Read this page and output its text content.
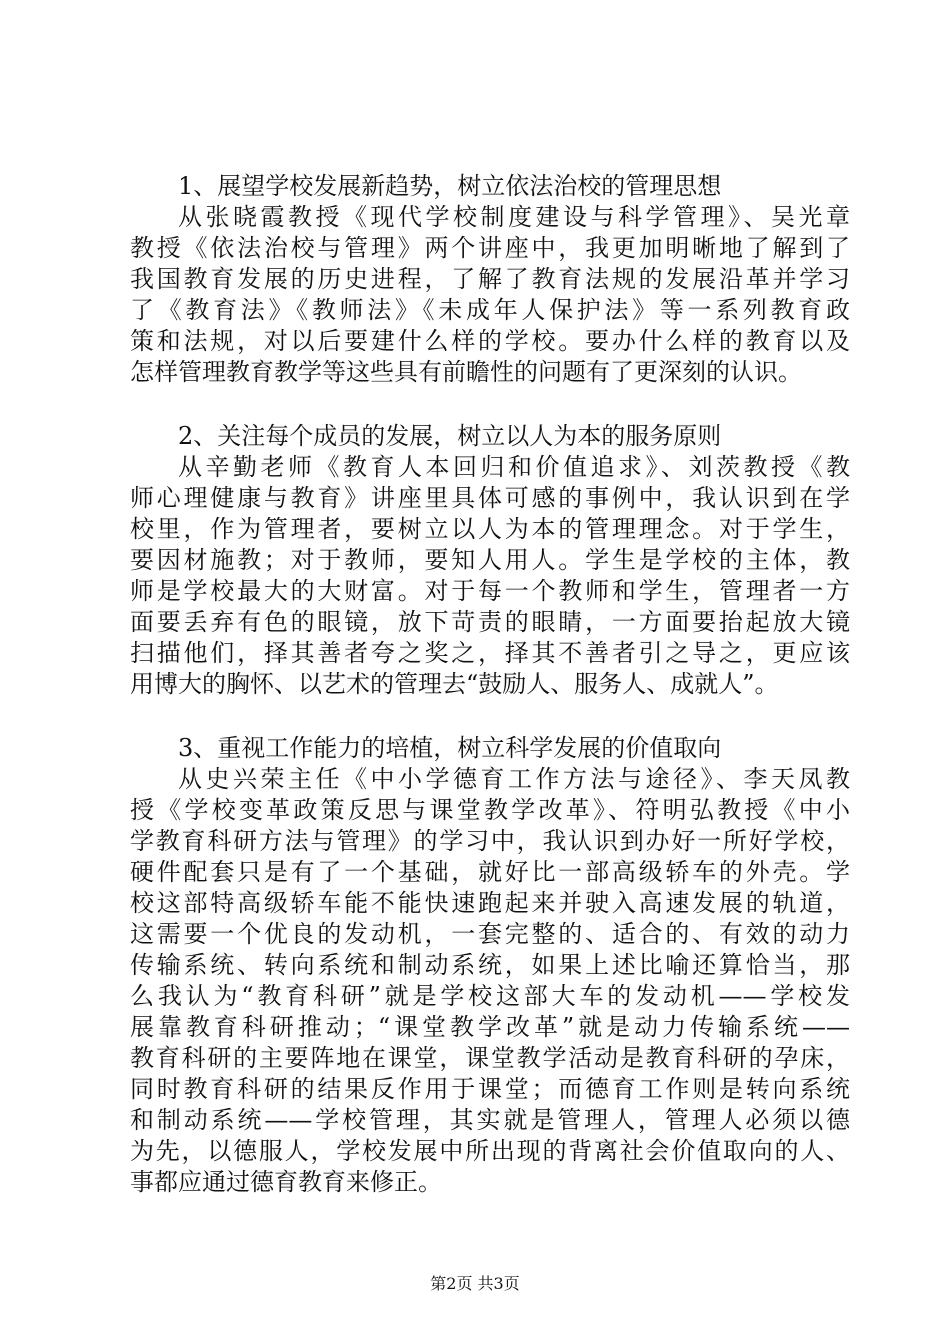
1、展望学校发展新趋势，树立依法治校的管理思想
从张晓霞教授《现代学校制度建设与科学管理》、吴光章
教授《依法治校与管理》两个讲座中，我更加明晰地了解到了
我国教育发展的历史进程，了解了教育法规的发展沿革并学习
了《教育法》《教师法》《未成年人保护法》等一系列教育政
策和法规，对以后要建什么样的学校。要办什么样的教育以及
怎样管理教育教学等这些具有前瞻性的问题有了更深刻的认识。
2、关注每个成员的发展，树立以人为本的服务原则
从辛勤老师《教育人本回归和价值追求》、刘茨教授《教
师心理健康与教育》讲座里具体可感的事例中，我认识到在学
校里，作为管理者，要树立以人为本的管理理念。对于学生，
要因材施教；对于教师，要知人用人。学生是学校的主体，教
师是学校最大的大财富。对于每一个教师和学生，管理者一方
面要丢弃有色的眼镜，放下苛责的眼睛，一方面要抬起放大镜
扫描他们，择其善者夸之奖之，择其不善者引之导之，更应该
用博大的胸怀、以艺术的管理去“鼓励人、服务人、成就人”。
3、重视工作能力的培植，树立科学发展的价值取向
从史兴荣主任《中小学德育工作方法与途径》、李天凤教
授《学校变革政策反思与课堂教学改革》、符明弘教授《中小
学教育科研方法与管理》的学习中，我认识到办好一所好学校，
硬件配套只是有了一个基础，就好比一部高级轿车的外壳。学
校这部特高级轿车能不能快速跑起来并驶入高速发展的轨道，
这需要一个优良的发动机，一套完整的、适合的、有效的动力
传输系统、转向系统和制动系统，如果上述比喻还算恰当，那
么我认为“教育科研”就是学校这部大车的发动机——学校发
展靠教育科研推动；“课堂教学改革”就是动力传输系统——
教育科研的主要阵地在课堂，课堂教学活动是教育科研的孕床，
同时教育科研的结果反作用于课堂；而德育工作则是转向系统
和制动系统——学校管理，其实就是管理人，管理人必须以德
为先，以德服人，学校发展中所出现的背离社会价值取向的人、
事都应通过德育教育来修正。
第2页 共3页
